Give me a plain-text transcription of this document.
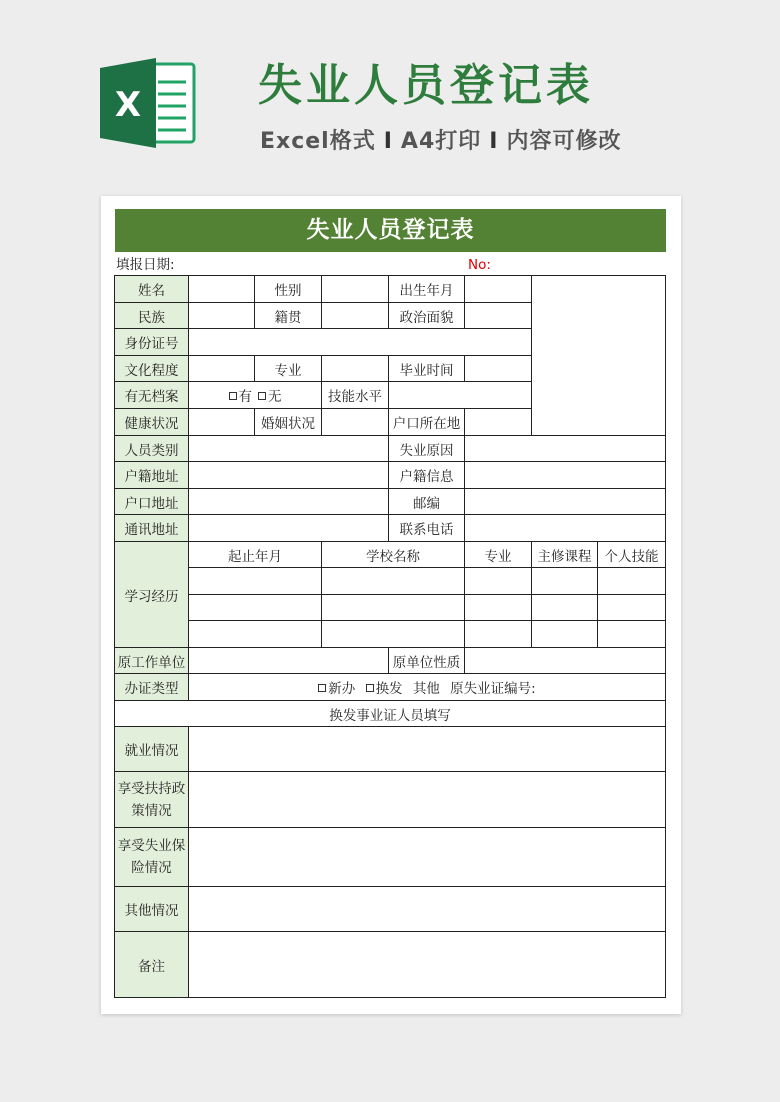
X	失业人员登记表

Excel格式 I A4打印 I 内容可修改

失业人员登记表
填报日期:	No:
姓名		性别		出生年月			
民族		籍贯		政治面貌			
身份证号							
文化程度		专业		毕业时间			
有无档案	有 无		技能水平				
健康状况		婚姻状况		户口所在地			
人员类别				失业原因			
户籍地址				户籍信息			
户口地址				邮编			
通讯地址				联系电话			
学习经历	起止年月		学校名称		专业	主修课程	个人技能

原工作单位				原单位性质			
办证类型	新办 换发 其他 原失业证编号:						
换发事业证人员填写							
就业情况							
享受扶持政策情况							
享受失业保险情况							
其他情况							
备注							
